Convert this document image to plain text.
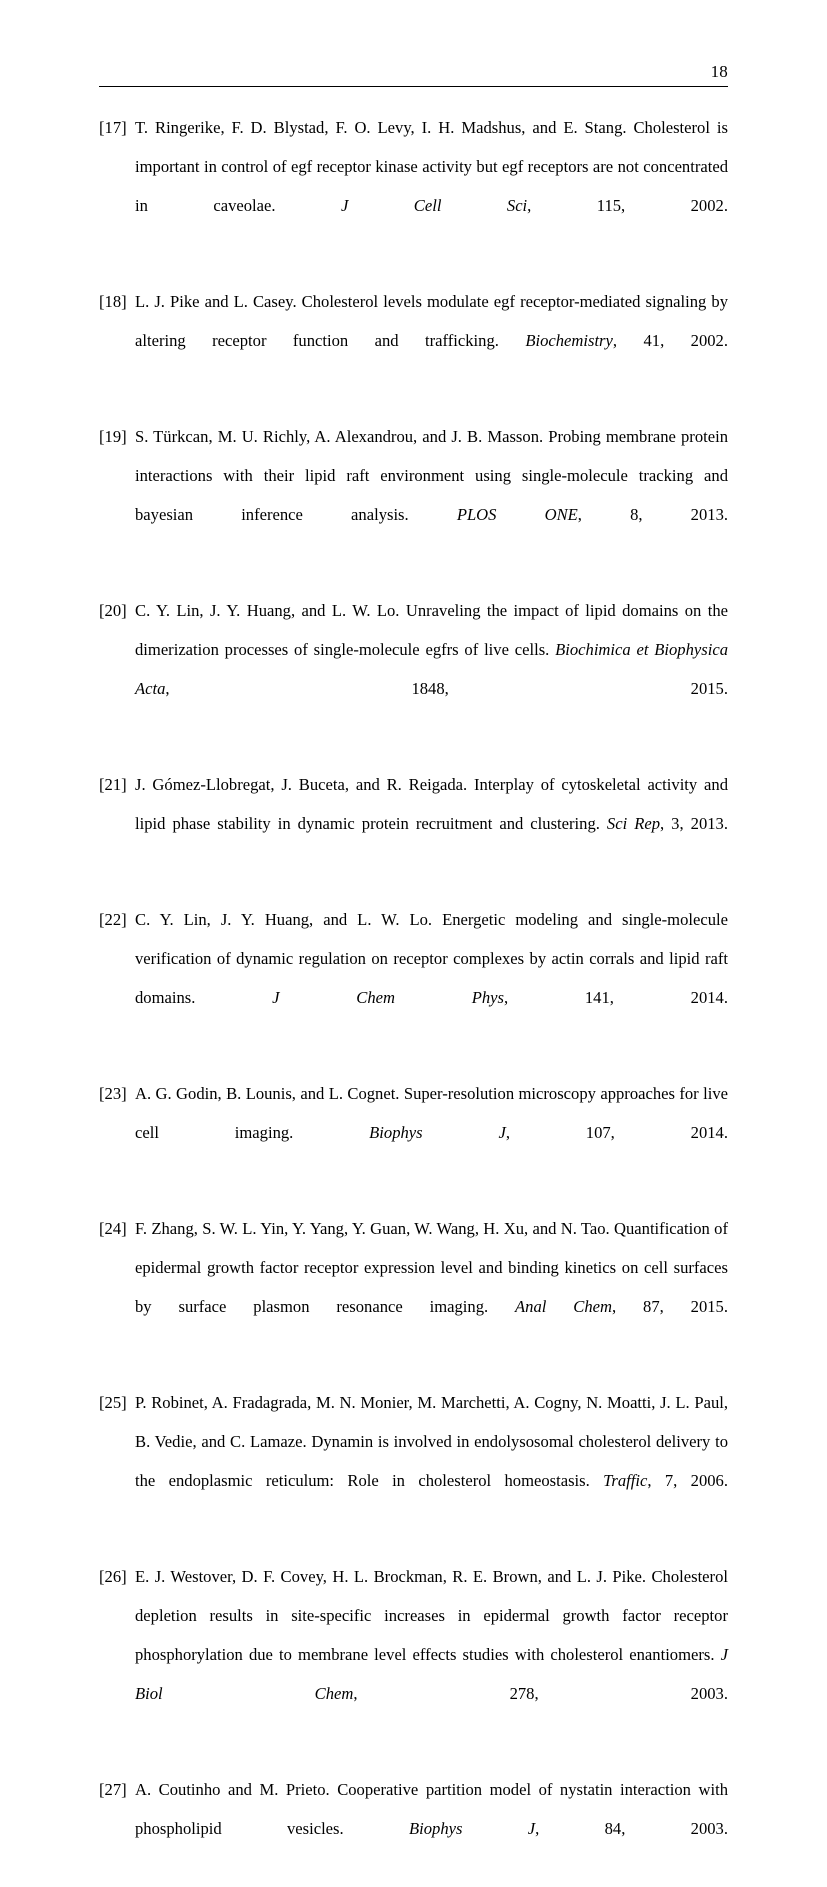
18
[17] T. Ringerike, F. D. Blystad, F. O. Levy, I. H. Madshus, and E. Stang. Cholesterol is important in control of egf receptor kinase activity but egf receptors are not concentrated in caveolae. J Cell Sci, 115, 2002.
[18] L. J. Pike and L. Casey. Cholesterol levels modulate egf receptor-mediated signaling by altering receptor function and trafficking. Biochemistry, 41, 2002.
[19] S. Türkcan, M. U. Richly, A. Alexandrou, and J. B. Masson. Probing membrane protein interactions with their lipid raft environment using single-molecule tracking and bayesian inference analysis. PLOS ONE, 8, 2013.
[20] C. Y. Lin, J. Y. Huang, and L. W. Lo. Unraveling the impact of lipid domains on the dimerization processes of single-molecule egfrs of live cells. Biochimica et Biophysica Acta, 1848, 2015.
[21] J. Gómez-Llobregat, J. Buceta, and R. Reigada. Interplay of cytoskeletal activity and lipid phase stability in dynamic protein recruitment and clustering. Sci Rep, 3, 2013.
[22] C. Y. Lin, J. Y. Huang, and L. W. Lo. Energetic modeling and single-molecule verification of dynamic regulation on receptor complexes by actin corrals and lipid raft domains. J Chem Phys, 141, 2014.
[23] A. G. Godin, B. Lounis, and L. Cognet. Super-resolution microscopy approaches for live cell imaging. Biophys J, 107, 2014.
[24] F. Zhang, S. W. L. Yin, Y. Yang, Y. Guan, W. Wang, H. Xu, and N. Tao. Quantification of epidermal growth factor receptor expression level and binding kinetics on cell surfaces by surface plasmon resonance imaging. Anal Chem, 87, 2015.
[25] P. Robinet, A. Fradagrada, M. N. Monier, M. Marchetti, A. Cogny, N. Moatti, J. L. Paul, B. Vedie, and C. Lamaze. Dynamin is involved in endolysosomal cholesterol delivery to the endoplasmic reticulum: Role in cholesterol homeostasis. Traffic, 7, 2006.
[26] E. J. Westover, D. F. Covey, H. L. Brockman, R. E. Brown, and L. J. Pike. Cholesterol depletion results in site-specific increases in epidermal growth factor receptor phosphorylation due to membrane level effects studies with cholesterol enantiomers. J Biol Chem, 278, 2003.
[27] A. Coutinho and M. Prieto. Cooperative partition model of nystatin interaction with phospholipid vesicles. Biophys J, 84, 2003.
